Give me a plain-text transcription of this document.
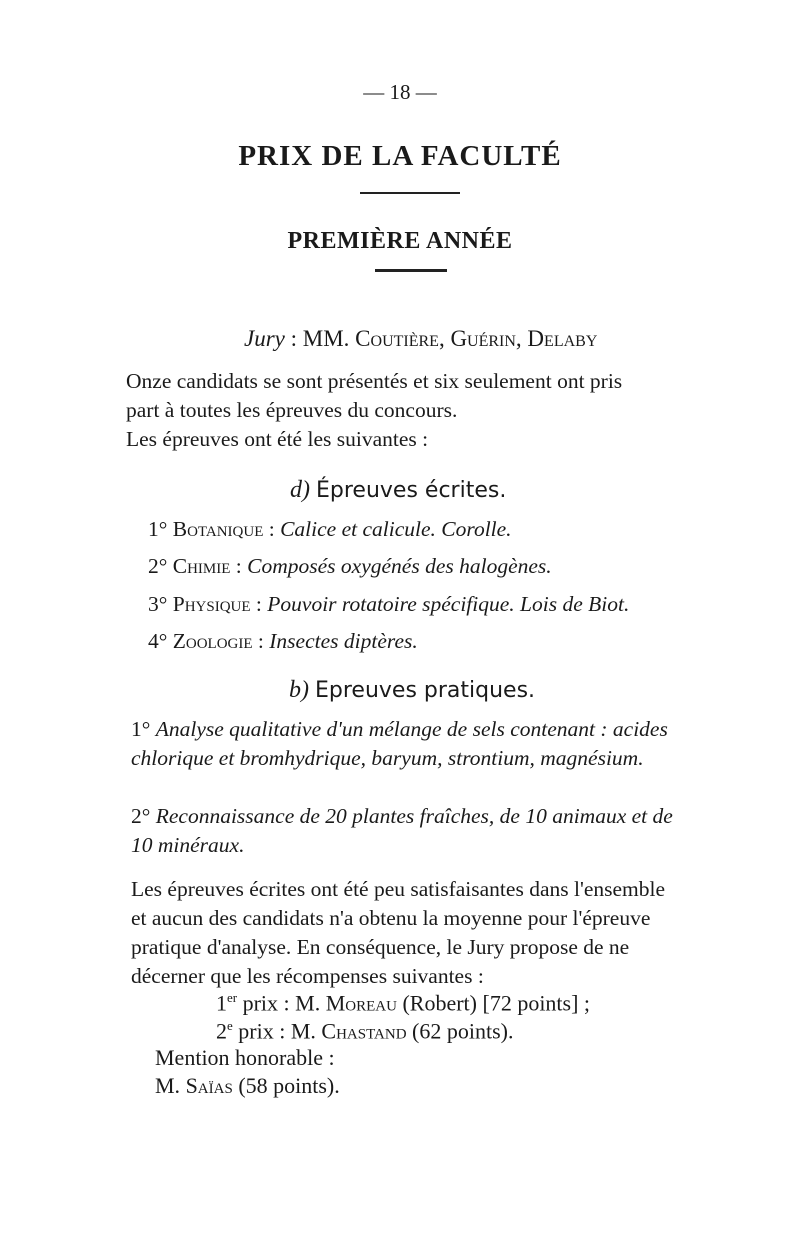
— 18 —

PRIX DE LA FACULTÉ
PREMIÈRE ANNÉE

Jury : MM. Coutière, Guérin, Delaby

Onze candidats se sont présentés et six seulement ont pris
part à toutes les épreuves du concours.
Les épreuves ont été les suivantes :

d) Épreuves écrites.

1° Botanique : Calice et calicule. Corolle.

2° Chimie : Composés oxygénés des halogènes.

3° Physique : Pouvoir rotatoire spécifique. Lois de Biot.

4° Zoologie : Insectes diptères.

b) Epreuves pratiques.

1° Analyse qualitative d'un mélange de sels contenant : acides chlorique et bromhydrique, baryum, strontium, magnésium.

2° Reconnaissance de 20 plantes fraîches, de 10 animaux et de 10 minéraux.

Les épreuves écrites ont été peu satisfaisantes dans l'ensemble
et aucun des candidats n'a obtenu la moyenne pour l'épreuve
pratique d'analyse. En conséquence, le Jury propose de ne
décerner que les récompenses suivantes :

1er prix : M. Moreau (Robert) [72 points] ;

2e prix : M. Chastand (62 points).

Mention honorable :

M. Saïas (58 points).
